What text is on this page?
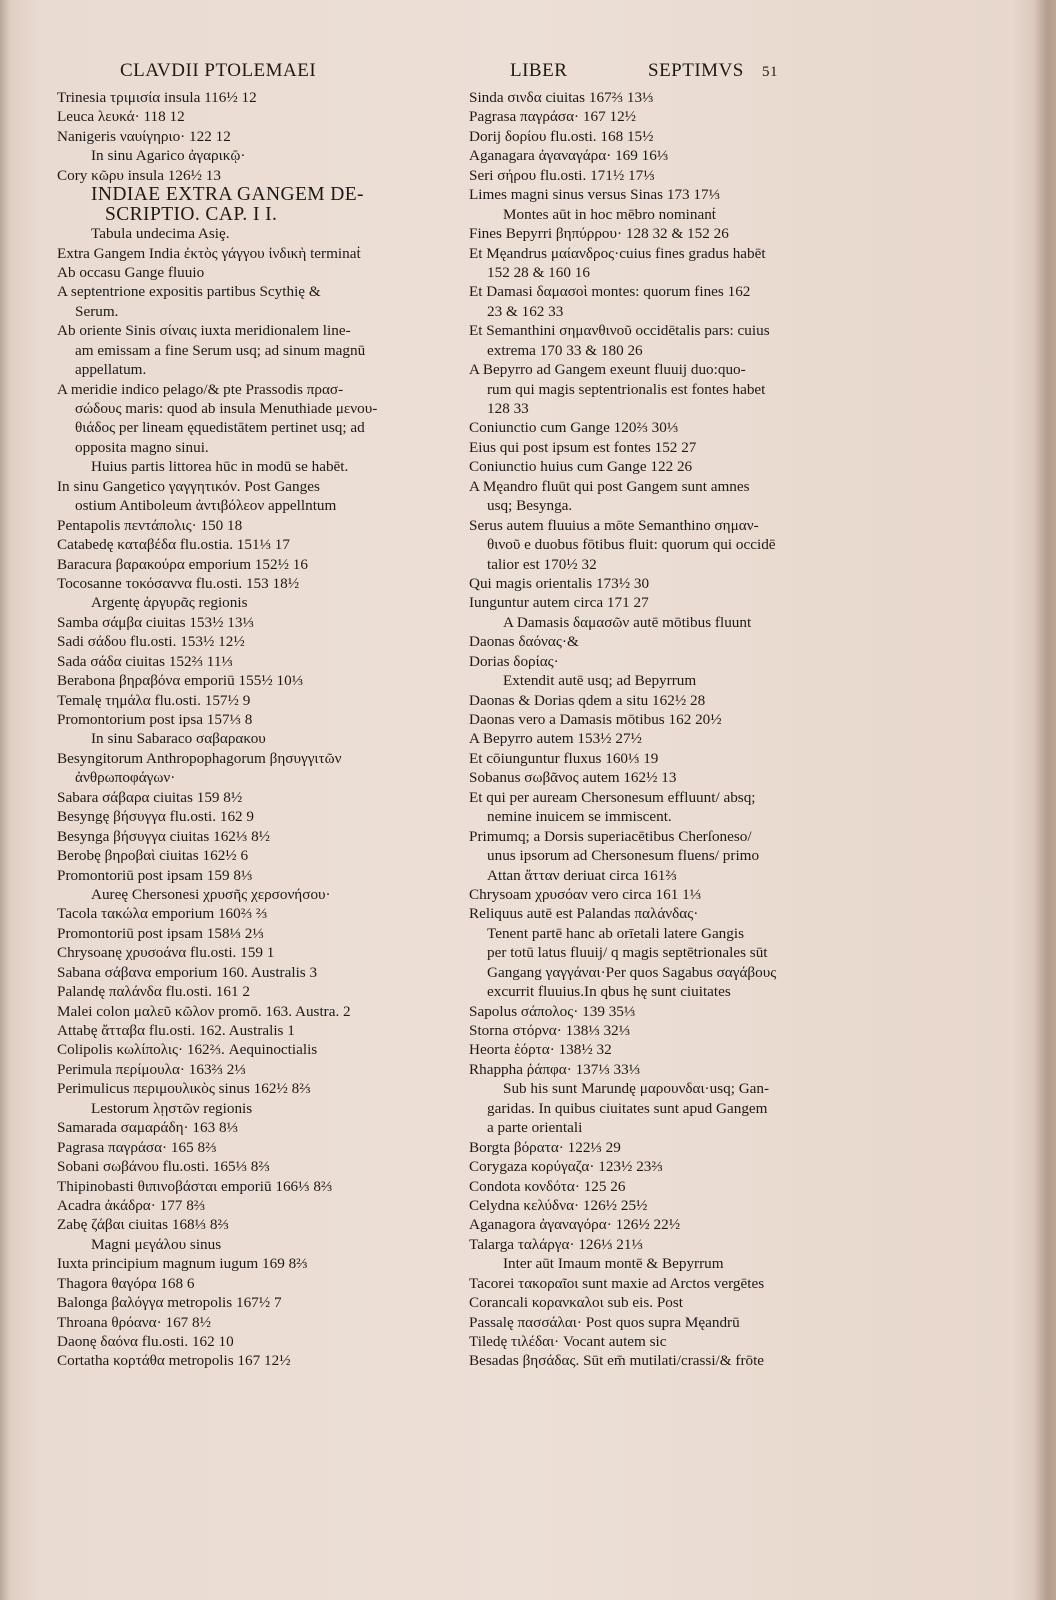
CLAVDII PTOLEMAEI	LIBER	SEPTIMVS 51
Trinesia τριμισία insula 116½ 12
Leuca λευκά· 118 12
Nanigeris ναυίγηριο· 122 12
In sinu Agarico ἀγαρικῷ·
Cory κῶρυ insula 126½ 13
INDIAE EXTRA GANGEM DE-
SCRIPTIO. CAP. I I.
Tabula undecima Asiȩ.
Extra Gangem India ἐκτὸς γάγγου ἰνδικὴ terminaṫ
Ab occasu Gange fluuio
A septentrione expositis partibus Scythię &
Serum.
Ab oriente Sinis σίναις iuxta meridionalem line-
am emissam a fine Serum usq; ad sinum magnū
appellatum.
A meridie indico pelago/& pte Prassodis πρασ-
σώδους maris: quod ab insula Menuthiade μενου-
θιάδος per lineam ęquedistātem pertinet usq; ad
opposita magno sinui.
Huius partis littorea hūc in modū se habēt.
In sinu Gangetico γαγγητικόν. Post Ganges
ostium Antiboleum ἀντιβόλεον appellntum
Pentapolis πεντάπολις· 150 18
Catabedę καταβέδα flu.ostia. 151⅓ 17
Baracura βαρακούρα emporium 152½ 16
Tocosanne τοκόσαννα flu.osti. 153 18½
Argentę ἀργυρᾶς regionis
Samba σάμβα ciuitas 153½ 13⅓
Sadi σάδου flu.osti. 153½ 12½
Sada σάδα ciuitas 152⅔ 11⅓
Berabona βηραβόνα emporiū 155½ 10⅓
Temalę τημάλα flu.osti. 157½ 9
Promontorium post ipsa 157⅓ 8
In sinu Sabaraco σαβαρακου
Besyngitorum Anthropophagorum βησυγγιτῶν
ἀνθρωποφάγων·
Sabara σάβαρα ciuitas 159 8½
Besyngę βήσυγγα flu.osti. 162 9
Besynga βήσυγγα ciuitas 162⅓ 8½
Berobę βηροβαὶ ciuitas 162½ 6
Promontoriū post ipsam 159 8⅓
Aureę Chersonesi χρυσῆς χερσονήσου·
Tacola τακώλα emporium 160⅔ ⅔
Promontoriū post ipsam 158⅓ 2⅓
Chrysoanę χρυσοάνα flu.osti. 159 1
Sabana σάβανα emporium 160. Australis 3
Palandę παλάνδα flu.osti. 161 2
Malei colon μαλεῦ κῶλον promō. 163. Austra. 2
Attabę ἄτταβα flu.osti. 162. Australis 1
Colipolis κωλίπολις· 162⅔. Aequinoctialis
Perimula περίμουλα· 163⅔ 2⅓
Perimulicus περιμουλικὸς sinus 162½ 8⅔
Lestorum λῃστῶν regionis
Samarada σαμαράδη· 163 8⅓
Pagrasa παγράσα· 165 8⅔
Sobani σωβάνου flu.osti. 165⅓ 8⅔
Thipinobasti θιπινοβάσται emporiū 166⅓ 8⅔
Acadra ἀκάδρα· 177 8⅔
Zabę ζάβαι ciuitas 168⅓ 8⅔
Magni μεγάλου sinus
Iuxta principium magnum iugum 169 8⅔
Thagora θαγόρα 168 6
Balonga βαλόγγα metropolis 167½ 7
Throana θρόανα· 167 8½
Daonę δαόνα flu.osti. 162 10
Cortatha κορτάθα metropolis 167 12½
Sinda σινδα ciuitas 167⅔ 13⅓
Pagrasa παγράσα· 167 12½
Dorij δορίου flu.osti. 168 15½
Aganagara ἀγαναγάρα· 169 16⅓
Seri σήρου flu.osti. 171½ 17⅓
Limes magni sinus versus Sinas 173 17⅓
Montes aūt in hoc mēbro nominanṫ
Fines Bepyrri βηπύρρου· 128 32 & 152 26
Et Męandrus μαίανδρος·cuius fines gradus habēt
152 28 & 160 16
Et Damasi δαμασοὶ montes: quorum fines 162
23 & 162 33
Et Semanthini σημανθινοῦ occidētalis pars: cuius
extrema 170 33 & 180 26
A Bepyrro ad Gangem exeunt fluuij duo:quo-
rum qui magis septentrionalis est fontes habet
128 33
Coniunctio cum Gange 120⅔ 30⅓
Eius qui post ipsum est fontes 152 27
Coniunctio huius cum Gange 122 26
A Męandro fluūt qui post Gangem sunt amnes
usq; Besynga.
Serus autem fluuius a mōte Semanthino σημαν-
θινοῦ e duobus fōtibus fluit: quorum qui occidē
talior est 170½ 32
Qui magis orientalis 173½ 30
Iunguntur autem circa 171 27
A Damasis δαμασῶν autē mōtibus fluunt
Daonas δαόνας·&
Dorias δορίας·
Extendit autē usq; ad Bepyrrum
Daonas & Dorias qdem a situ 162½ 28
Daonas vero a Damasis mōtibus 162 20½
A Bepyrro autem 153½ 27½
Et cōiunguntur fluxus 160⅓ 19
Sobanus σωβᾶνος autem 162½ 13
Et qui per auream Chersonesum effluunt/ absq;
nemine inuicem se immiscent.
Primumq; a Dorsis superiacētibus Cherſoneso/
unus ipsorum ad Chersonesum fluens/ primo
Attan ἄτταν deriuat circa 161⅔
Chrysoam χρυσόαν vero circa 161 1⅓
Reliquus autē est Palandas παλάνδας·
Tenent partē hanc ab orīetali latere Gangis
per totū latus fluuij/ q magis septētrionales sūt
Gangang γαγγάναι·Per quos Sagabus σαγάβους
excurrit fluuius.In qbus hę sunt ciuitates
Sapolus σάπολος· 139 35⅓
Storna στόρνα· 138⅓ 32⅓
Heorta ἑόρτα· 138½ 32
Rhappha ῥάπφα· 137⅓ 33⅓
Sub his sunt Marundę μαρουνδαι·usq; Gan-
garidas. In quibus ciuitates sunt apud Gangem
a parte orientali
Borgta βόρατα· 122⅓ 29
Corygaza κορύγαζα· 123½ 23⅔
Condota κονδότα· 125 26
Celydna κελύδνα· 126½ 25½
Aganagora ἀγαναγόρα· 126½ 22½
Talarga ταλάργα· 126⅓ 21⅓
Inter aūt Imaum montē & Bepyrrum
Tacorei τακοραῖοι sunt maxie ad Arctos vergētes
Corancali κορανκαλοι sub eis. Post
Passalę πασσάλαι· Post quos supra Męandrū
Tiledę τιλέδαι· Vocant autem sic
Besadas βησάδας. Sūt em̄ mutilati/crassi/& frōte
